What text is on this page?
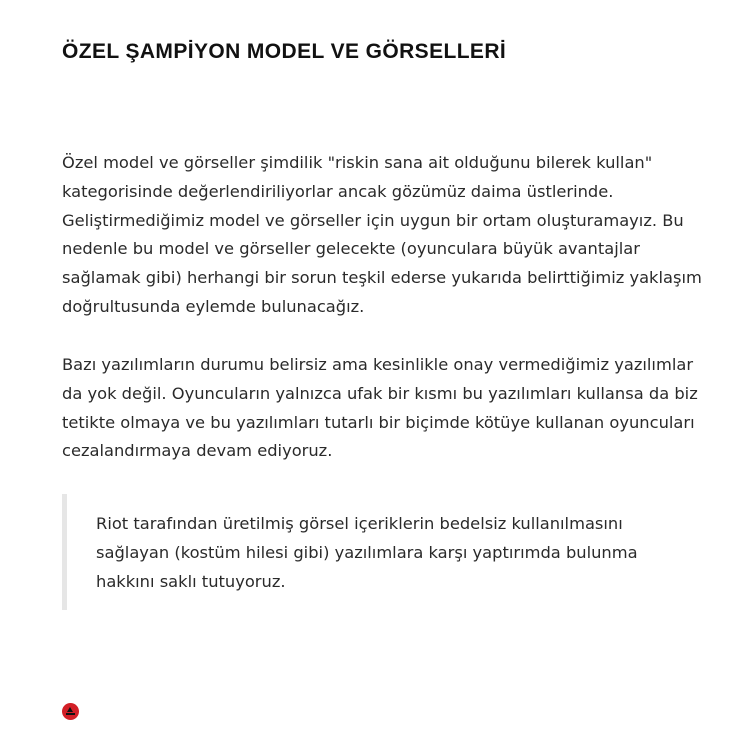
ÖZEL ŞAMPİYON MODEL VE GÖRSELLERİ

Özel model ve görseller şimdilik "riskin sana ait olduğunu bilerek kullan" kategorisinde değerlendiriliyorlar ancak gözümüz daima üstlerinde. Geliştirmediğimiz model ve görseller için uygun bir ortam oluşturamayız. Bu nedenle bu model ve görseller gelecekte (oyunculara büyük avantajlar sağlamak gibi) herhangi bir sorun teşkil ederse yukarıda belirttiğimiz yaklaşım doğrultusunda eylemde bulunacağız.

Bazı yazılımların durumu belirsiz ama kesinlikle onay vermediğimiz yazılımlar da yok değil. Oyuncuların yalnızca ufak bir kısmı bu yazılımları kullansa da biz tetikte olmaya ve bu yazılımları tutarlı bir biçimde kötüye kullanan oyuncuları cezalandırmaya devam ediyoruz.

Riot tarafından üretilmiş görsel içeriklerin bedelsiz kullanılmasını sağlayan (kostüm hilesi gibi) yazılımlara karşı yaptırımda bulunma hakkını saklı tutuyoruz.
